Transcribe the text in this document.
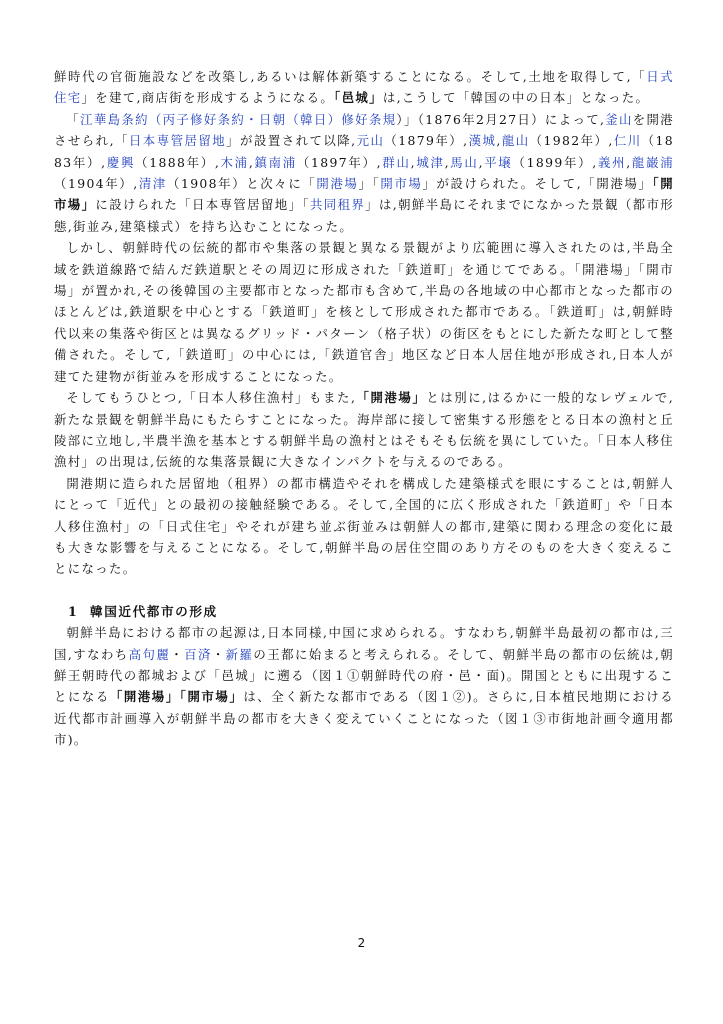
鮮時代の官衙施設などを改築し,あるいは解体新築することになる。そして,土地を取得して,「日式住宅」を建て,商店街を形成するようになる。「邑城」は,こうして「韓国の中の日本」となった。

「江華島条約（丙子修好条約・日朝（韓日）修好条規）」（1876年2月27日）によって,釜山を開港させられ,「日本専管居留地」が設置されて以降,元山（1879年）,漢城,龍山（1982年）,仁川（1883年）,慶興（1888年）,木浦,鎮南浦（1897年）,群山,城津,馬山,平壌（1899年）,義州,龍巌浦（1904年）,清津（1908年）と次々に「開港場」「開市場」が設けられた。そして,「開港場」「開市場」に設けられた「日本専管居留地」「共同租界」は,朝鮮半島にそれまでになかった景観（都市形態,街並み,建築様式）を持ち込むことになった。

しかし、朝鮮時代の伝統的都市や集落の景観と異なる景観がより広範囲に導入されたのは,半島全域を鉄道線路で結んだ鉄道駅とその周辺に形成された「鉄道町」を通じてである。「開港場」「開市場」が置かれ,その後韓国の主要都市となった都市も含めて,半島の各地域の中心都市となった都市のほとんどは,鉄道駅を中心とする「鉄道町」を核として形成された都市である。「鉄道町」は,朝鮮時代以来の集落や街区とは異なるグリッド・パターン（格子状）の街区をもとにした新たな町として整備された。そして,「鉄道町」の中心には,「鉄道官舎」地区など日本人居住地が形成され,日本人が建てた建物が街並みを形成することになった。

そしてもうひとつ,「日本人移住漁村」もまた,「開港場」とは別に,はるかに一般的なレヴェルで,新たな景観を朝鮮半島にもたらすことになった。海岸部に接して密集する形態をとる日本の漁村と丘陵部に立地し,半農半漁を基本とする朝鮮半島の漁村とはそもそも伝統を異にしていた。「日本人移住漁村」の出現は,伝統的な集落景観に大きなインパクトを与えるのである。

開港期に造られた居留地（租界）の都市構造やそれを構成した建築様式を眼にすることは,朝鮮人にとって「近代」との最初の接触経験である。そして,全国的に広く形成された「鉄道町」や「日本人移住漁村」の「日式住宅」やそれが建ち並ぶ街並みは朝鮮人の都市,建築に関わる理念の変化に最も大きな影響を与えることになる。そして,朝鮮半島の居住空間のあり方そのものを大きく変えることになった。

1 韓国近代都市の形成

朝鮮半島における都市の起源は,日本同様,中国に求められる。すなわち,朝鮮半島最初の都市は,三国,すなわち高句麗・百済・新羅の王都に始まると考えられる。そして、朝鮮半島の都市の伝統は,朝鮮王朝時代の都城および「邑城」に遡る（図１①朝鮮時代の府・邑・面)。開国とともに出現することになる「開港場」「開市場」は、全く新たな都市である（図１②)。さらに,日本植民地期における近代都市計画導入が朝鮮半島の都市を大きく変えていくことになった（図１③市街地計画令適用都市)。

2
